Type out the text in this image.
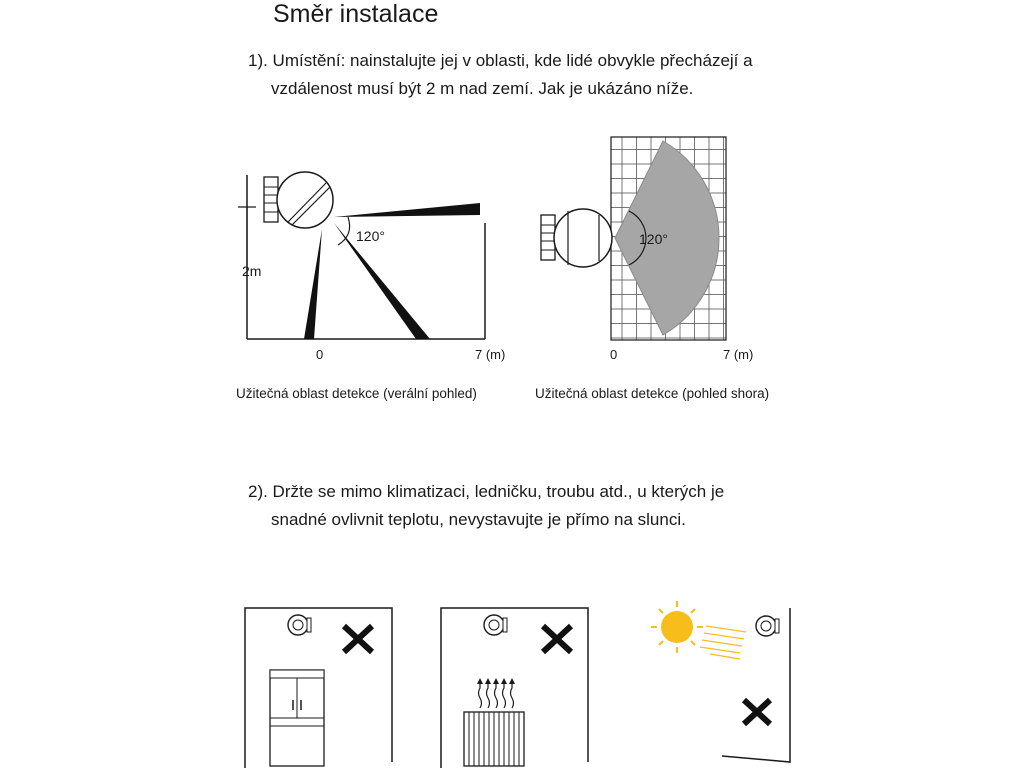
Směr instalace
1). Umístění: nainstalujte jej v oblasti, kde lidé obvykle přecházejí a
vzdálenost musí být 2 m nad zemí. Jak je ukázáno níže.
2m
120°
0	7 (m)
120°
0	7 (m)
Užitečná oblast detekce (verální pohled)	Užitečná oblast detekce (pohled shora)
2). Držte se mimo klimatizaci, ledničku, troubu atd., u kterých je
snadné ovlivnit teplotu, nevystavujte je přímo na slunci.
